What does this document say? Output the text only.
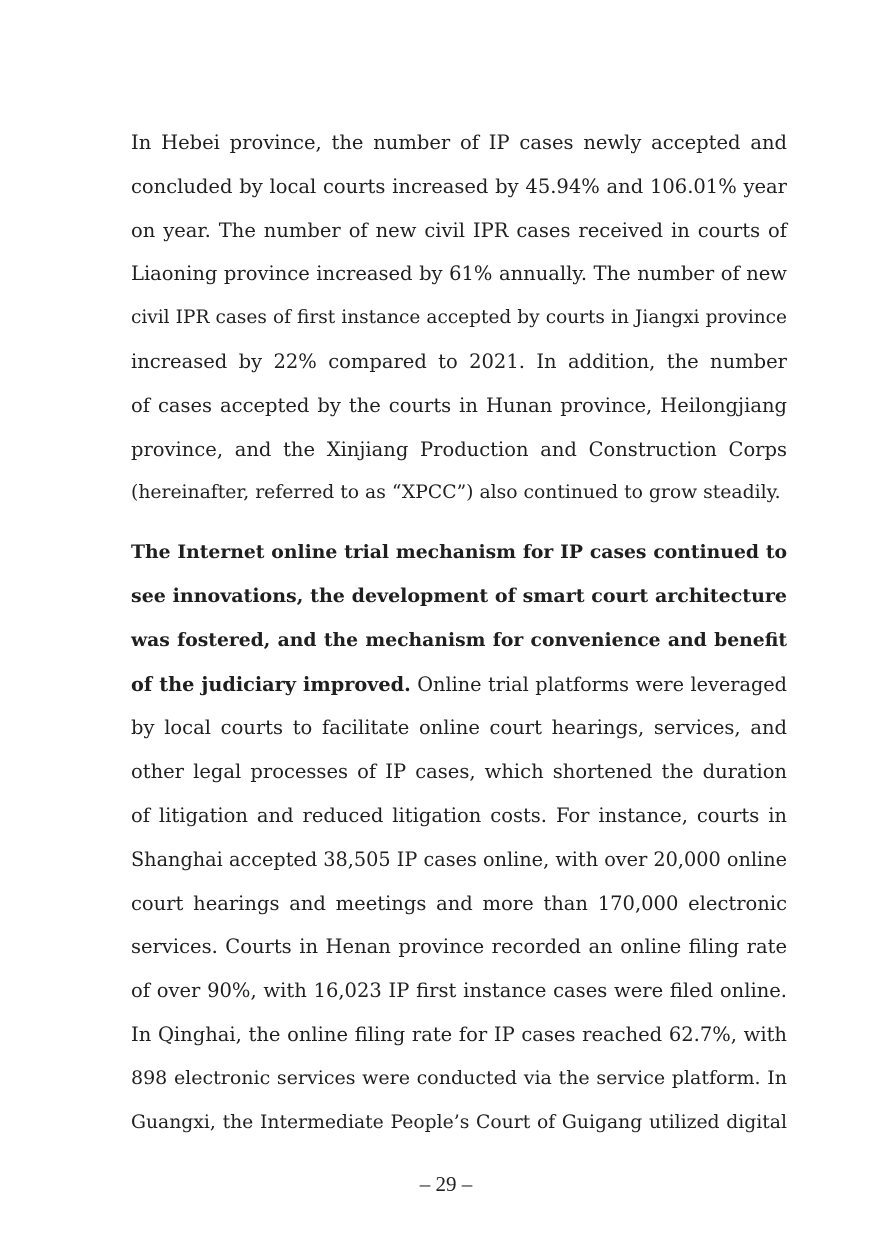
In Hebei province, the number of IP cases newly accepted and
concluded by local courts increased by 45.94% and 106.01% year
on year. The number of new civil IPR cases received in courts of
Liaoning province increased by 61% annually. The number of new
civil IPR cases of first instance accepted by courts in Jiangxi province
increased by 22% compared to 2021. In addition, the number
of cases accepted by the courts in Hunan province, Heilongjiang
province, and the Xinjiang Production and Construction Corps
(hereinafter, referred to as “XPCC”) also continued to grow steadily.
The Internet online trial mechanism for IP cases continued to
see innovations, the development of smart court architecture
was fostered, and the mechanism for convenience and benefit
of the judiciary improved. Online trial platforms were leveraged
by local courts to facilitate online court hearings, services, and
other legal processes of IP cases, which shortened the duration
of litigation and reduced litigation costs. For instance, courts in
Shanghai accepted 38,505 IP cases online, with over 20,000 online
court hearings and meetings and more than 170,000 electronic
services. Courts in Henan province recorded an online filing rate
of over 90%, with 16,023 IP first instance cases were filed online.
In Qinghai, the online filing rate for IP cases reached 62.7%, with
898 electronic services were conducted via the service platform. In
Guangxi, the Intermediate People’s Court of Guigang utilized digital
– 29 –
